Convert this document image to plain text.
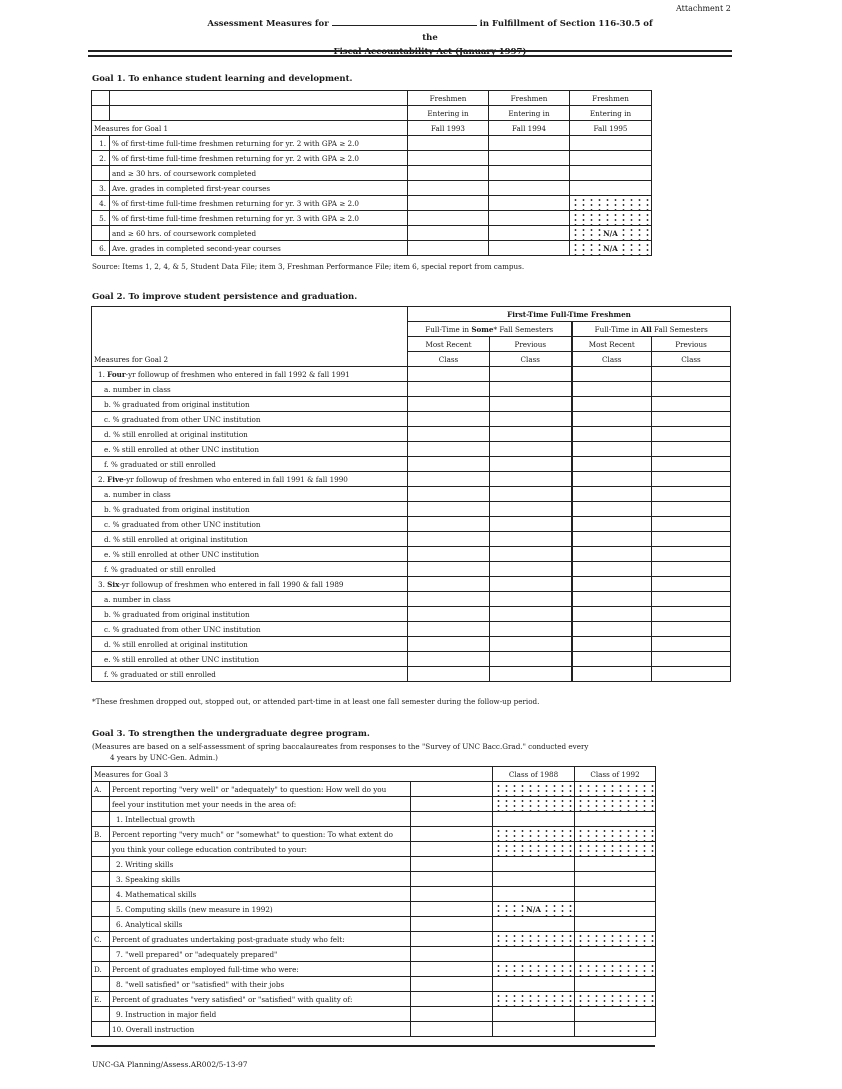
Attachment 2
Assessment Measures for	in Fulfillment of Section 116-30.5 of the
Fiscal Accountability Act (January 1997)
Goal 1. To enhance student learning and development.
		Freshmen	Freshmen	Freshmen
		Entering in	Entering in	Entering in
Measures for Goal 1		Fall 1993	Fall 1994	Fall 1995
1.	% of first-time full-time freshmen returning for yr. 2 with GPA ≥ 2.0			
2.	% of first-time full-time freshmen returning for yr. 2 with GPA ≥ 2.0			
	and ≥ 30 hrs. of coursework completed			
3.	Ave. grades in completed first-year courses			
4.	% of first-time full-time freshmen returning for yr. 3 with GPA ≥ 2.0			
5.	% of first-time full-time freshmen returning for yr. 3 with GPA ≥ 2.0			
	and ≥ 60 hrs. of coursework completed			N/A
6.	Ave. grades in completed second-year courses			N/A
Source: Items 1, 2, 4, & 5, Student Data File; item 3, Freshman Performance File; item 6, special report from campus.
Goal 2. To improve student persistence and graduation.
Measures for Goal 2	First-Time Full-Time Freshmen			
	Full-Time in Some* Fall Semesters		Full-Time in All Fall Semesters	
	Most Recent	Previous	Most Recent	Previous
	Class	Class	Class	Class
1. Four-yr followup of freshmen who entered in fall 1992 & fall 1991				
a. number in class				
b. % graduated from original institution				
c. % graduated from other UNC institution				
d. % still enrolled at original institution				
e. % still enrolled at other UNC institution				
f. % graduated or still enrolled				
2. Five-yr followup of freshmen who entered in fall 1991 & fall 1990				
a. number in class				
b. % graduated from original institution				
c. % graduated from other UNC institution				
d. % still enrolled at original institution				
e. % still enrolled at other UNC institution				
f. % graduated or still enrolled				
3. Six-yr followup of freshmen who entered in fall 1990 & fall 1989				
a. number in class				
b. % graduated from original institution				
c. % graduated from other UNC institution				
d. % still enrolled at original institution				
e. % still enrolled at other UNC institution				
f. % graduated or still enrolled				
*These freshmen dropped out, stopped out, or attended part-time in at least one fall semester during the follow-up period.
Goal 3. To strengthen the undergraduate degree program.
(Measures are based on a self-assessment of spring baccalaureates from responses to the "Survey of UNC Bacc.Grad." conducted every
4 years by UNC-Gen. Admin.)
Measures for Goal 3			Class of 1988	Class of 1992
A.	Percent reporting "very well" or "adequately" to question: How well do you			
	feel your institution met your needs in the area of:			
	1. Intellectual growth			
B.	Percent reporting "very much" or "somewhat" to question: To what extent do			
	you think your college education contributed to your:			
	2. Writing skills			
	3. Speaking skills			
	4. Mathematical skills			
	5. Computing skills (new measure in 1992)		N/A	
	6. Analytical skills			
C.	Percent of graduates undertaking post-graduate study who felt:			
	7. "well prepared" or "adequately prepared"			
D.	Percent of graduates employed full-time who were:			
	8. "well satisfied" or "satisfied" with their jobs			
E.	Percent of graduates "very satisfied" or "satisfied" with quality of:			
	9. Instruction in major field			
	10. Overall instruction			
UNC-GA Planning/Assess.AR002/5-13-97
